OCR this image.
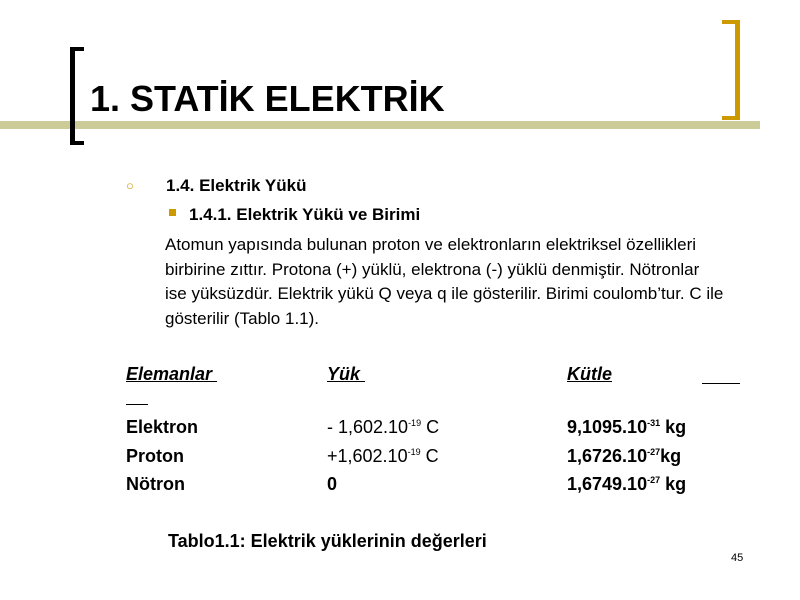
1. STATİK ELEKTRİK
○ 1.4. Elektrik Yükü
1.4.1. Elektrik Yükü ve Birimi
Atomun yapısında bulunan proton ve elektronların elektriksel özellikleri birbirine zıttır. Protona (+) yüklü, elektrona (-) yüklü denmiştir. Nötronlar ise yüksüzdür. Elektrik yükü Q veya q ile gösterilir. Birimi coulomb’tur. C ile gösterilir (Tablo 1.1).
Elemanlar	Yük	Kütle
Elektron	- $1,602.10^{-19}$ C	$9,1095.10^{-31}$ kg
Proton	$+1,602.10^{-19}$ C	$1,6726.10^{-27}kg$
Nötron	0	$1,6749.10^{-27}$ kg
Tablo1.1: Elektrik yüklerinin değerleri
45
